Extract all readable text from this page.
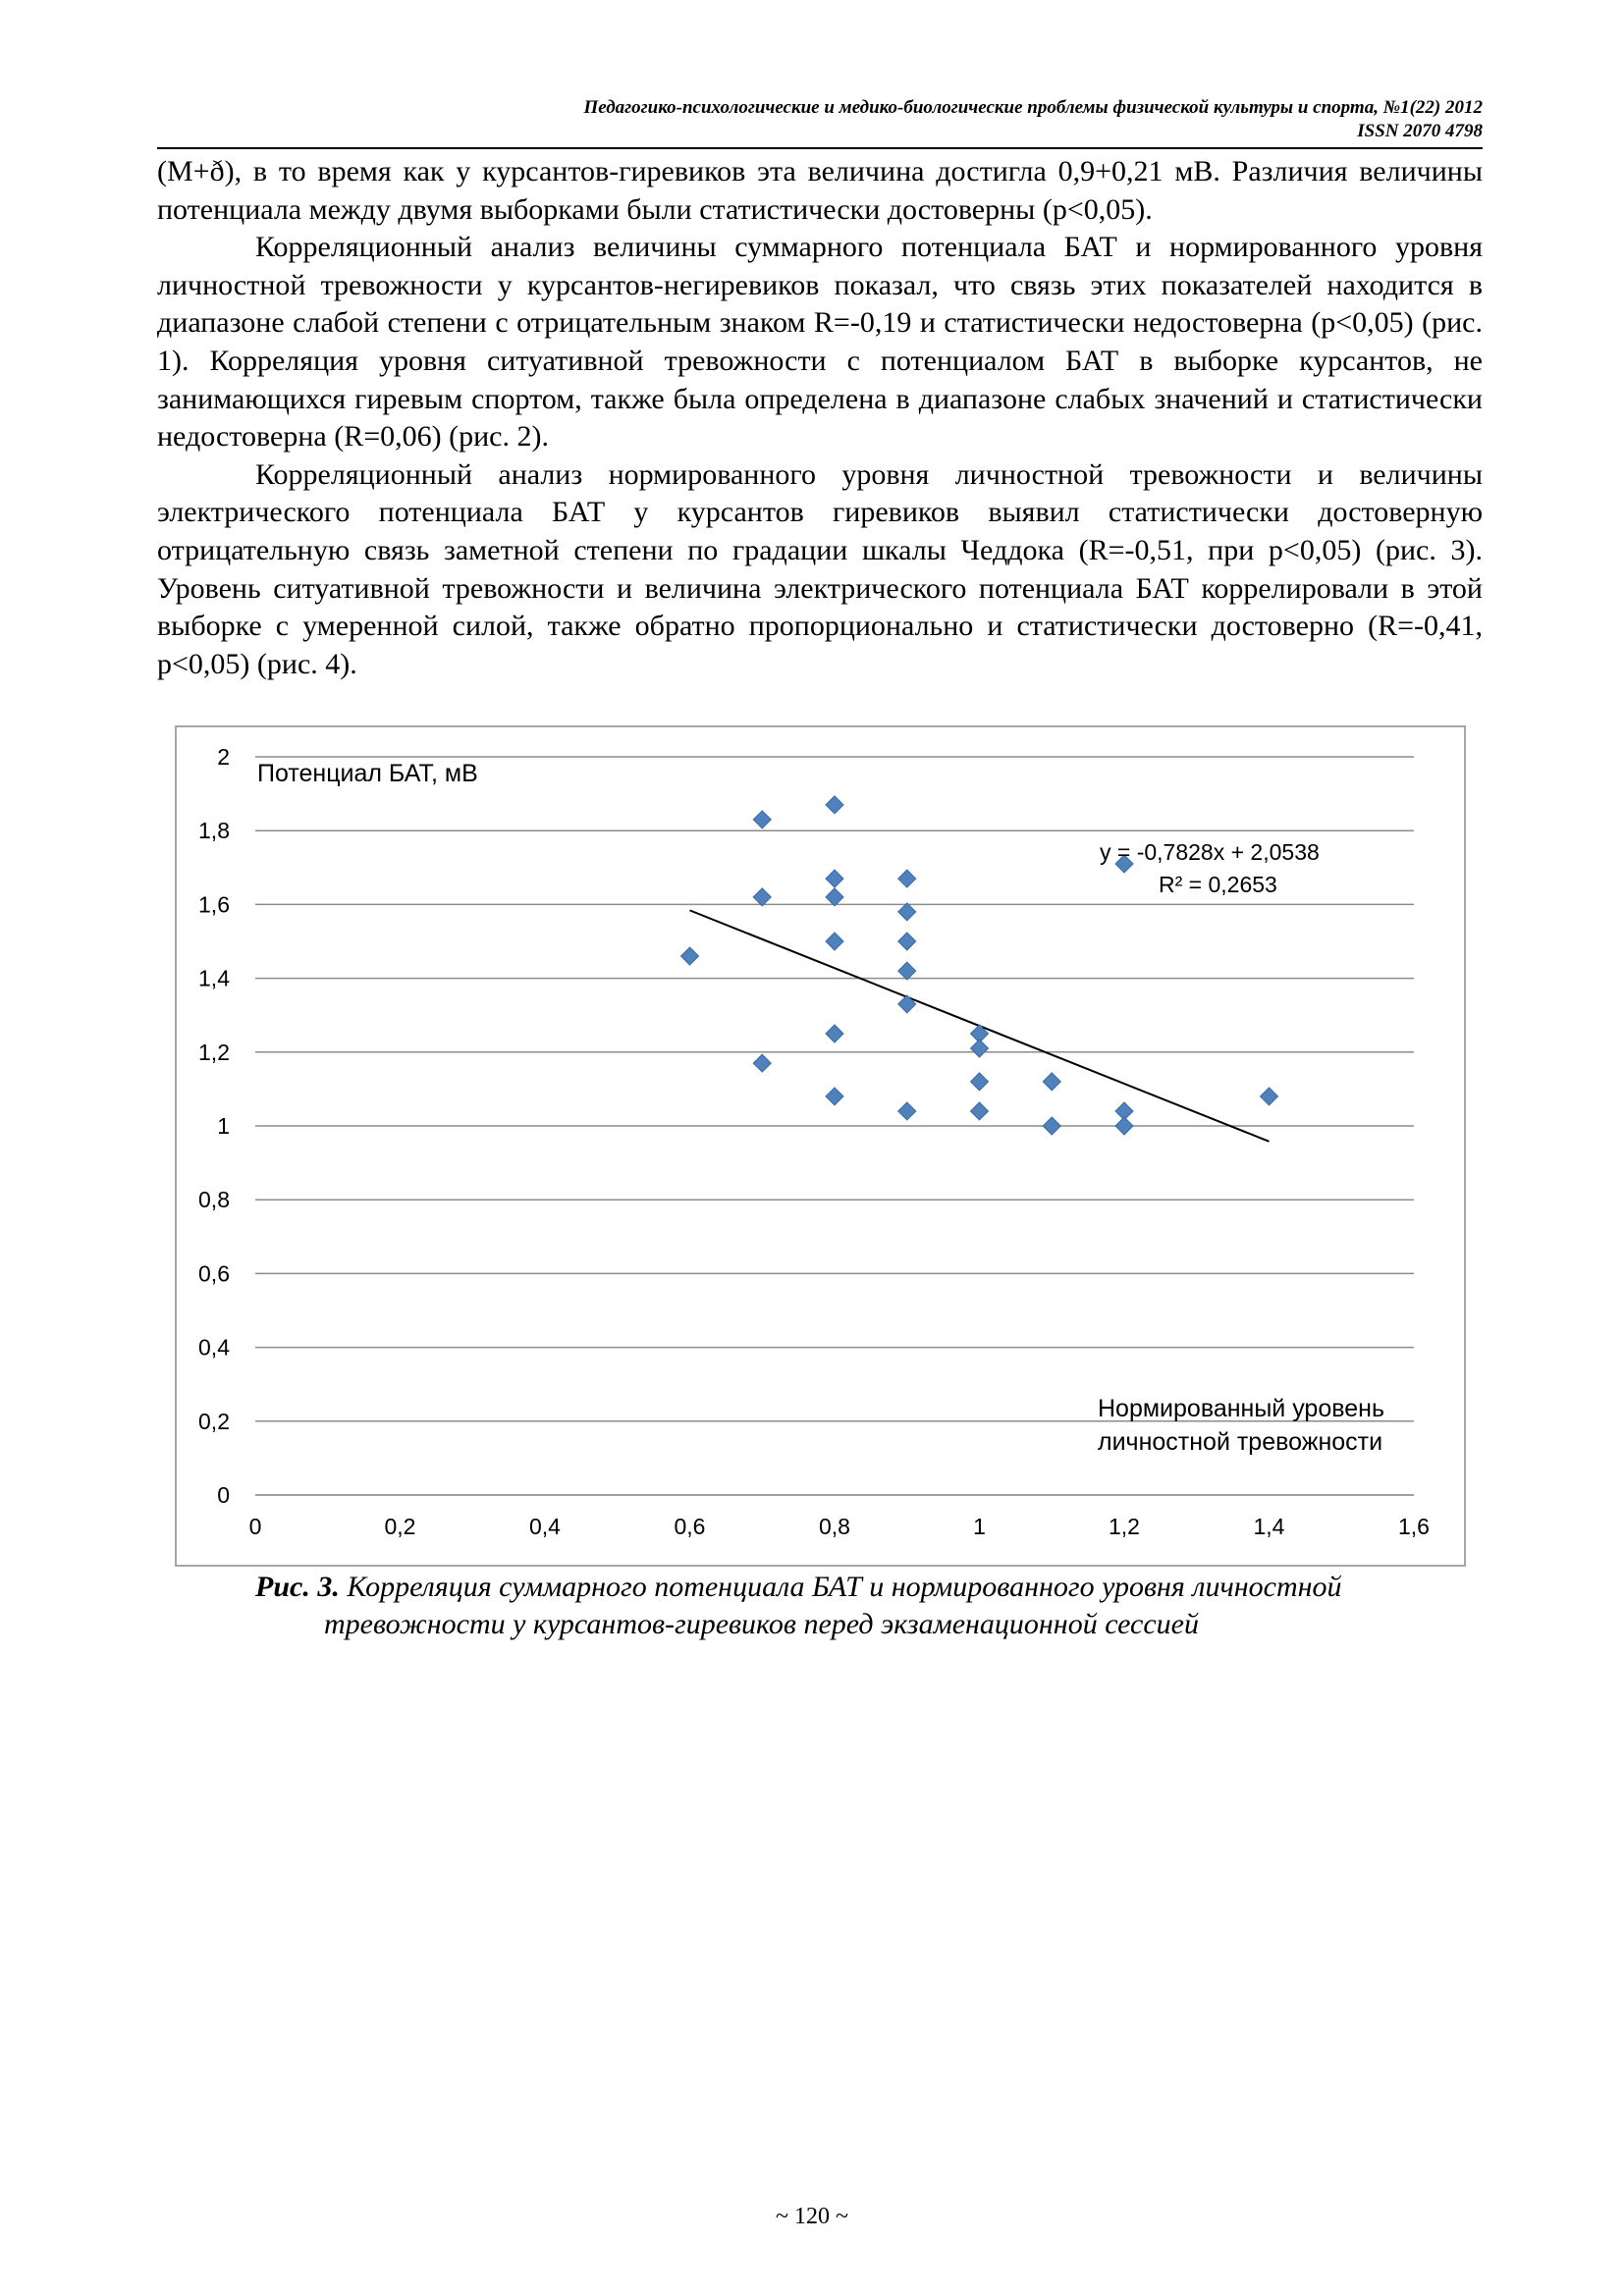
Педагогико-психологические и медико-биологические проблемы физической культуры и спорта, №1(22) 2012
ISSN 2070 4798

(М+ð), в то время как у курсантов-гиревиков эта величина достигла 0,9+0,21 мВ. Различия величины потенциала между двумя выборками были статистически достоверны (р<0,05).

Корреляционный анализ величины суммарного потенциала БАТ и нормированного уровня личностной тревожности у курсантов-негиревиков показал, что связь этих показателей находится в диапазоне слабой степени с отрицательным знаком R=-0,19 и статистически недостоверна (р<0,05) (рис. 1). Корреляция уровня ситуативной тревожности с потенциалом БАТ в выборке курсантов, не занимающихся гиревым спортом, также была определена в диапазоне слабых значений и статистически недостоверна (R=0,06) (рис. 2).

Корреляционный анализ нормированного уровня личностной тревожности и величины электрического потенциала БАТ у курсантов гиревиков выявил статистически достоверную отрицательную связь заметной степени по градации шкалы Чеддока (R=-0,51, при р<0,05) (рис. 3). Уровень ситуативной тревожности и величина электрического потенциала БАТ коррелировали в этой выборке с умеренной силой, также обратно пропорционально и статистически достоверно (R=-0,41, р<0,05) (рис. 4).

0
0,2
0,4
0,6
0,8
1
1,2
1,4
1,6
1,8
2
0	0,2	0,4	0,6	0,8	1	1,2	1,4	1,6
Потенциал БАТ, мВ
y = -0,7828x + 2,0538
R² = 0,2653
Нормированный уровень
личностной тревожности
Рис. 3. Корреляция суммарного потенциала БАТ и нормированного уровня личностной
тревожности у курсантов-гиревиков перед экзаменационной сессией
~ 120 ~
